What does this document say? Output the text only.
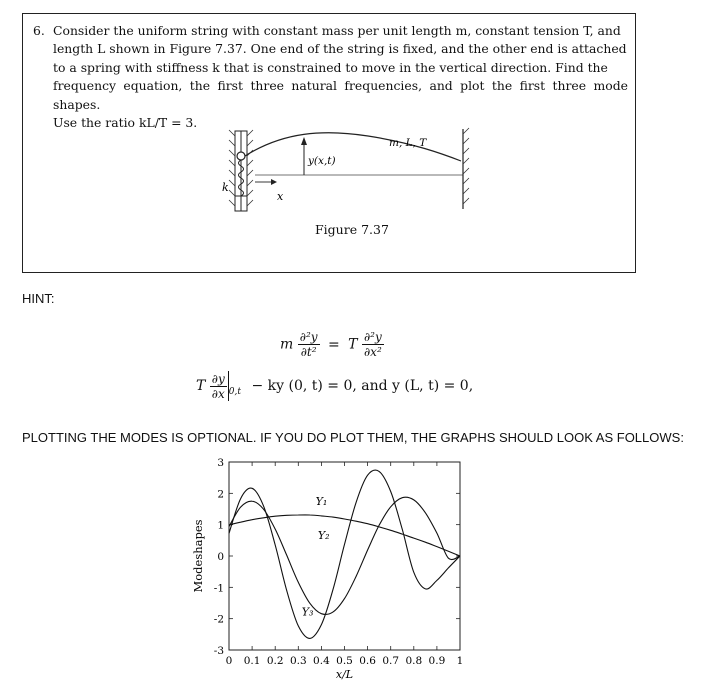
6. Consider the uniform string with constant mass per unit length m, constant tension T, and
length L shown in Figure 7.37. One end of the string is fixed, and the other end is attached
to a spring with stiffness k that is constrained to move in the vertical direction. Find the
frequency equation, the first three natural frequencies, and plot the first three mode shapes.
Use the ratio kL/T = 3.
k
x
y(x,t)
m, L, T
Figure 7.37
HINT:
m $\frac{\text{∂²y}}{\text{∂t²}} = T \frac{\text{∂²y}}{\text{∂x²}}$
T $\frac{\partial y}{\partial x} _{0,t}$ − ky (0, t) = 0, and y (L, t) = 0,
PLOTTING THE MODES IS OPTIONAL. IF YOU DO PLOT THEM, THE GRAPHS SHOULD LOOK AS FOLLOWS:
0 0.1 0.2 0.3 0.4 0.5 0.6 0.7 0.8 0.9 1
-3
-2
-1
0
1
2
3
x/L
Modeshapes
Y₁
Y₂
Y₃
